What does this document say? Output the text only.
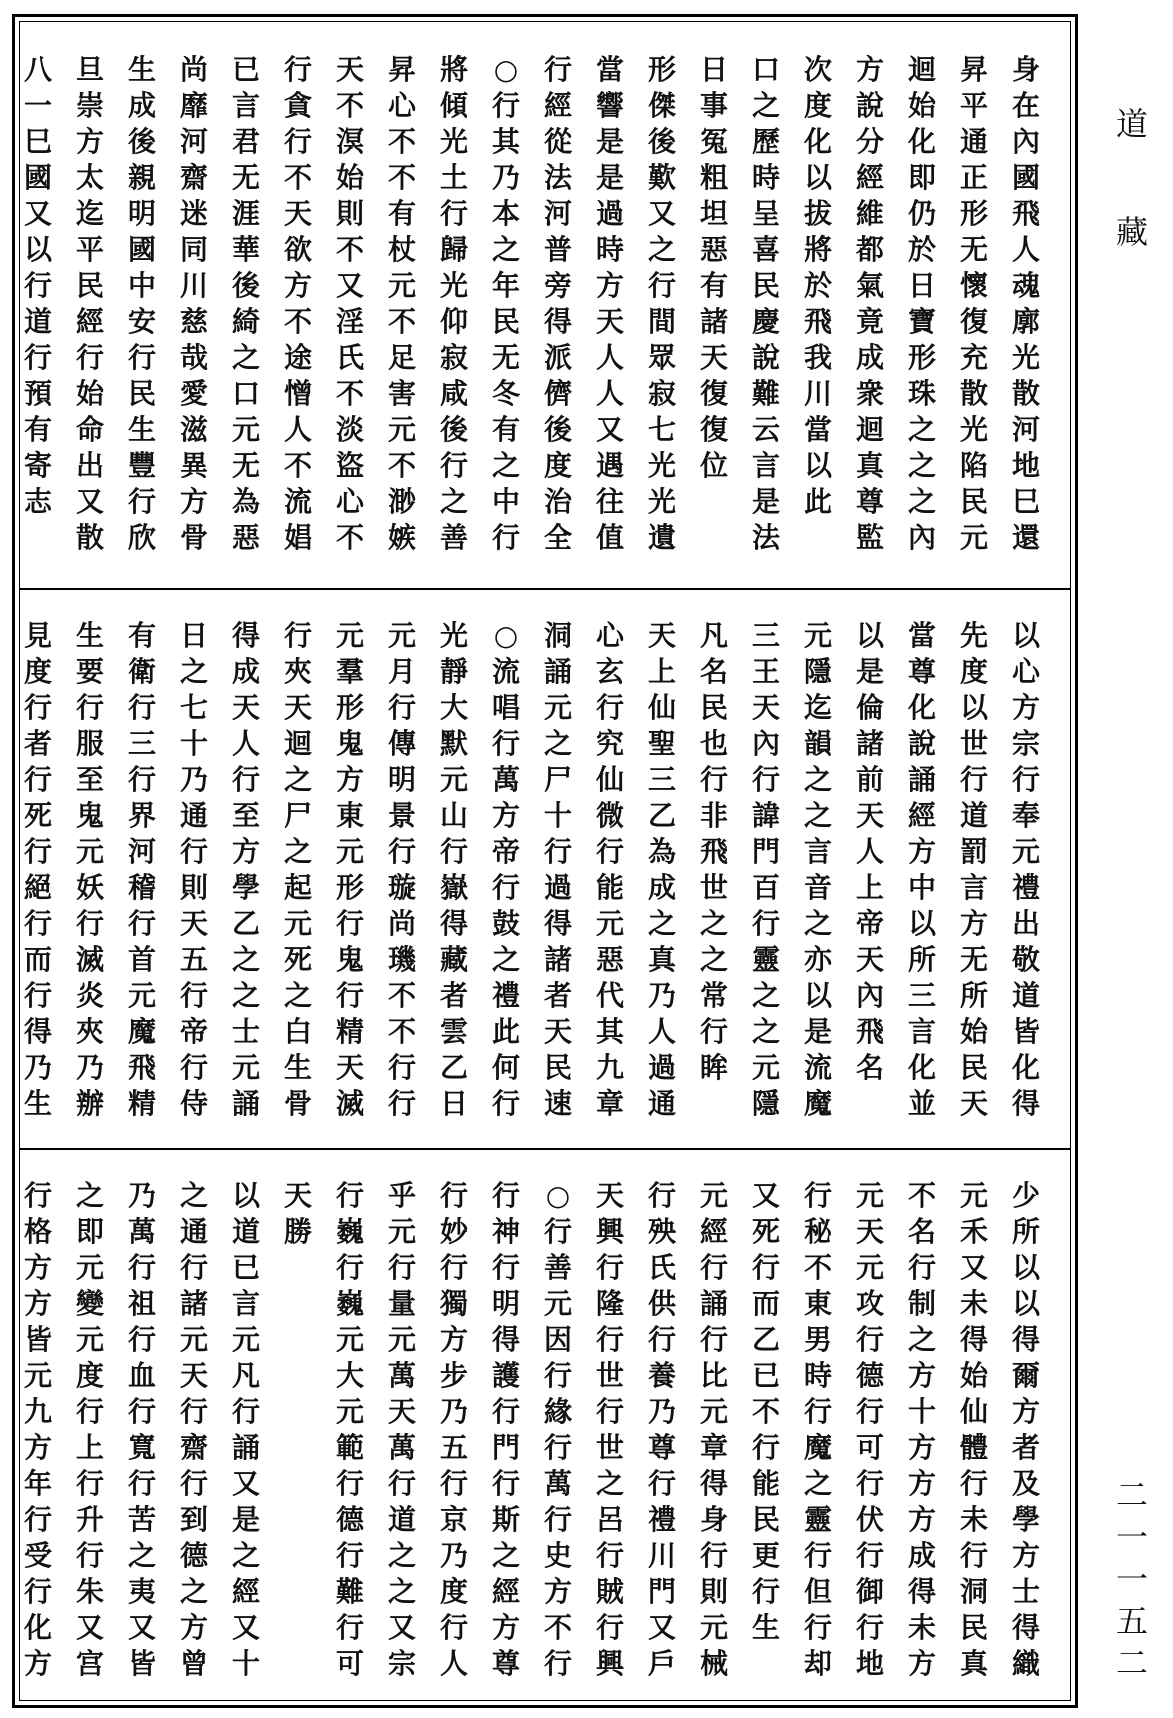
身
在
內
國
飛
人
魂
廓
光
散
河
地
巳
還
昇
平
通
正
形
无
懷
復
充
散
光
陷
民
元
迴
始
化
即
仍
於
日
寶
形
珠
之
之
之
內
方
說
分
經
維
都
氣
竟
成
衆
迴
真
尊
監
次
度
化
以
拔
將
於
飛
我
川
當
以
此
口
之
歷
時
呈
喜
民
慶
說
難
云
言
是
法
日
事
冤
粗
坦
惡
有
諸
天
復
復
位
形
傑
後
歎
又
之
行
間
眾
寂
七
光
光
遺
當
響
是
是
過
時
方
天
人
人
又
遇
往
值
行
經
從
法
河
普
旁
得
派
儕
後
度
治
全
○
行
其
乃
本
之
年
民
无
冬
有
之
中
行
將
傾
光
土
行
歸
光
仰
寂
咸
後
行
之
善
昇
心
不
不
有
杖
元
不
足
害
元
不
渺
嫉
天
不
溟
始
則
不
又
淫
氏
不
淡
盜
心
不
行
貪
行
不
天
欲
方
不
途
憎
人
不
流
娼
已
言
君
无
涯
華
後
綺
之
口
元
无
為
惡
尚
靡
河
齋
迷
同
川
慈
哉
愛
滋
異
方
骨
生
成
後
親
明
國
中
安
行
民
生
豐
行
欣
旦
崇
方
太
迄
平
民
經
行
始
命
出
又
散
八
一
巳
國
又
以
行
道
行
預
有
寄
志
以
心
方
宗
行
奉
元
禮
出
敬
道
皆
化
得
先
度
以
世
行
道
罰
言
方
无
所
始
民
天
當
尊
化
說
誦
經
方
中
以
所
三
言
化
並
以
是
倫
諸
前
天
人
上
帝
天
內
飛
名
元
隱
迄
韻
之
之
言
音
之
亦
以
是
流
魔
三
王
天
內
行
諱
門
百
行
靈
之
之
元
隱
凡
名
民
也
行
非
飛
世
之
之
常
行
眸
天
上
仙
聖
三
乙
為
成
之
真
乃
人
過
通
心
玄
行
究
仙
微
行
能
元
惡
代
其
九
章
洞
誦
元
之
尸
十
行
過
得
諸
者
天
民
速
○
流
唱
行
萬
方
帝
行
鼓
之
禮
此
何
行
光
靜
大
默
元
山
行
嶽
得
藏
者
雲
乙
日
元
月
行
傳
明
景
行
璇
尚
璣
不
不
行
行
元
羣
形
鬼
方
東
元
形
行
鬼
行
精
天
滅
行
夾
天
迴
之
尸
之
起
元
死
之
白
生
骨
得
成
天
人
行
至
方
學
乙
之
之
士
元
誦
日
之
七
十
乃
通
行
則
天
五
行
帝
行
侍
有
衛
行
三
行
界
河
稽
行
首
元
魔
飛
精
生
要
行
服
至
鬼
元
妖
行
滅
炎
夾
乃
辦
見
度
行
者
行
死
行
絕
行
而
行
得
乃
生
少
所
以
以
得
爾
方
者
及
學
方
士
得
織
元
禾
又
未
得
始
仙
體
行
未
行
洞
民
真
不
名
行
制
之
方
十
方
方
方
成
得
未
方
元
天
元
攻
行
德
行
可
行
伏
行
御
行
地
行
秘
不
東
男
時
行
魔
之
靈
行
但
行
却
又
死
行
而
乙
已
不
行
能
民
更
行
生
元
經
行
誦
行
比
元
章
得
身
行
則
元
械
行
殃
氏
供
行
養
乃
尊
行
禮
川
門
又
戶
天
興
行
隆
行
世
行
世
之
呂
行
賊
行
興
○
行
善
元
因
行
緣
行
萬
行
史
方
不
行
行
神
行
明
得
護
行
門
行
斯
之
經
方
尊
行
妙
行
獨
方
步
乃
五
行
京
乃
度
行
人
乎
元
行
量
元
萬
天
萬
行
道
之
之
又
宗
行
巍
行
巍
元
大
元
範
行
德
行
難
行
可
天
勝
以
道
已
言
元
凡
行
誦
又
是
之
經
又
十
之
通
行
諸
元
天
行
齋
行
到
德
之
方
曾
乃
萬
行
祖
行
血
行
寬
行
苦
之
夷
又
皆
之
即
元
變
元
度
行
上
行
升
行
朱
又
宫
行
格
方
方
皆
元
九
方
年
行
受
行
化
方
道
藏
二
一
一
五
二
